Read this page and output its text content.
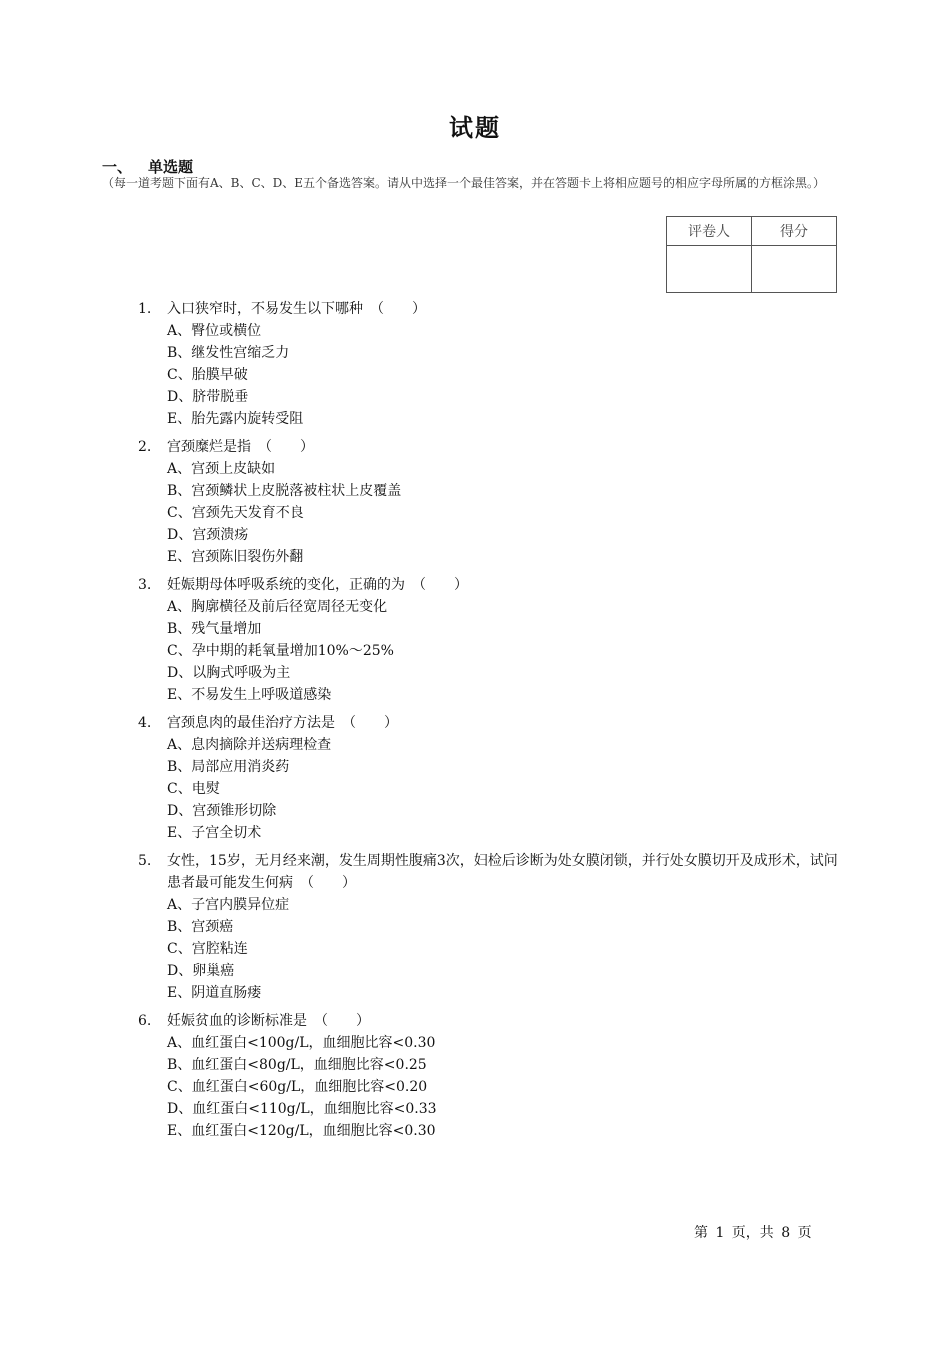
试题
一、 单选题
（每一道考题下面有A、B、C、D、E五个备选答案。请从中选择一个最佳答案，并在答题卡上将相应题号的相应字母所属的方框涂黑。）
评卷人	得分

1. 入口狭窄时，不易发生以下哪种　（　　）
A、臀位或横位
B、继发性宫缩乏力
C、胎膜早破
D、脐带脱垂
E、胎先露内旋转受阻
2. 宫颈糜烂是指　（　　）
A、宫颈上皮缺如
B、宫颈鳞状上皮脱落被柱状上皮覆盖
C、宫颈先天发育不良
D、宫颈溃疡
E、宫颈陈旧裂伤外翻
3. 妊娠期母体呼吸系统的变化，正确的为　（　　）
A、胸廓横径及前后径宽周径无变化
B、残气量增加
C、孕中期的耗氧量增加10%～25%
D、以胸式呼吸为主
E、不易发生上呼吸道感染
4. 宫颈息肉的最佳治疗方法是　（　　）
A、息肉摘除并送病理检查
B、局部应用消炎药
C、电熨
D、宫颈锥形切除
E、子宫全切术
5. 女性，15岁，无月经来潮，发生周期性腹痛3次，妇检后诊断为处女膜闭锁，并行处女膜切开及成形术，试问患者最可能发生何病　（　　）
A、子宫内膜异位症
B、宫颈癌
C、宫腔粘连
D、卵巢癌
E、阴道直肠瘘
6. 妊娠贫血的诊断标准是　（　　）
A、血红蛋白<100g/L，血细胞比容<0.30
B、血红蛋白<80g/L，血细胞比容<0.25
C、血红蛋白<60g/L，血细胞比容<0.20
D、血红蛋白<110g/L，血细胞比容<0.33
E、血红蛋白<120g/L，血细胞比容<0.30
第 1 页，共 8 页
